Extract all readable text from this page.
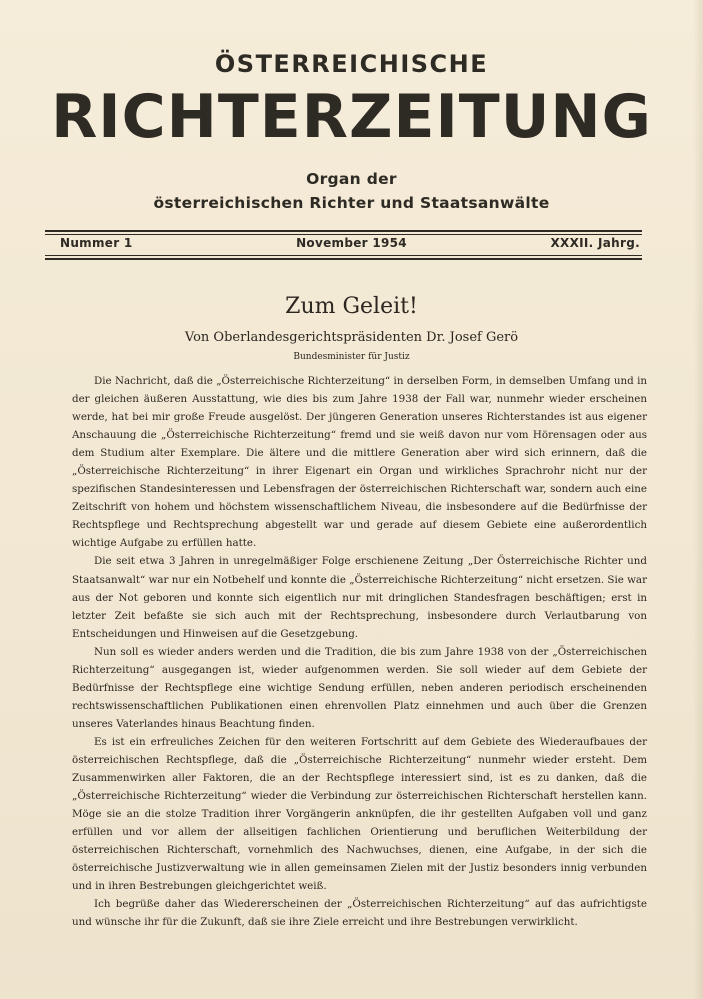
ÖSTERREICHISCHE
RICHTERZEITUNG
Organ der
österreichischen Richter und Staatsanwälte
Nummer 1	November 1954	XXXII. Jahrg.
Zum Geleit!
Von Oberlandesgerichtspräsidenten Dr. Josef Gerö
Bundesminister für Justiz

Die Nachricht, daß die „Österreichische Richterzeitung“ in derselben Form, in demselben Umfang und in der gleichen äußeren Ausstattung, wie dies bis zum Jahre 1938 der Fall war, nunmehr wieder erscheinen werde, hat bei mir große Freude ausgelöst. Der jüngeren Generation unseres Richterstandes ist aus eigener Anschauung die „Österreichische Richterzeitung“ fremd und sie weiß davon nur vom Hörensagen oder aus dem Studium alter Exemplare. Die ältere und die mittlere Generation aber wird sich erinnern, daß die „Österreichische Richterzeitung“ in ihrer Eigenart ein Organ und wirkliches Sprachrohr nicht nur der spezifischen Standesinteressen und Lebensfragen der österreichischen Richterschaft war, sondern auch eine Zeitschrift von hohem und höchstem wissenschaftlichem Niveau, die insbesondere auf die Bedürfnisse der Rechtspflege und Rechtsprechung abgestellt war und gerade auf diesem Gebiete eine außerordentlich wichtige Aufgabe zu erfüllen hatte.

Die seit etwa 3 Jahren in unregelmäßiger Folge erschienene Zeitung „Der Österreichische Richter und Staatsanwalt“ war nur ein Notbehelf und konnte die „Österreichische Richterzeitung“ nicht ersetzen. Sie war aus der Not geboren und konnte sich eigentlich nur mit dringlichen Standesfragen beschäftigen; erst in letzter Zeit befaßte sie sich auch mit der Rechtsprechung, insbesondere durch Verlautbarung von Entscheidungen und Hinweisen auf die Gesetzgebung.

Nun soll es wieder anders werden und die Tradition, die bis zum Jahre 1938 von der „Österreichischen Richterzeitung“ ausgegangen ist, wieder aufgenommen werden. Sie soll wieder auf dem Gebiete der Bedürfnisse der Rechtspflege eine wichtige Sendung erfüllen, neben anderen periodisch erscheinenden rechtswissenschaftlichen Publikationen einen ehrenvollen Platz einnehmen und auch über die Grenzen unseres Vaterlandes hinaus Beachtung finden.

Es ist ein erfreuliches Zeichen für den weiteren Fortschritt auf dem Gebiete des Wiederaufbaues der österreichischen Rechtspflege, daß die „Österreichische Richterzeitung“ nunmehr wieder ersteht. Dem Zusammenwirken aller Faktoren, die an der Rechtspflege interessiert sind, ist es zu danken, daß die „Österreichische Richterzeitung“ wieder die Verbindung zur österreichischen Richterschaft herstellen kann. Möge sie an die stolze Tradition ihrer Vorgängerin anknüpfen, die ihr gestellten Aufgaben voll und ganz erfüllen und vor allem der allseitigen fachlichen Orientierung und beruflichen Weiterbildung der österreichischen Richterschaft, vornehmlich des Nachwuchses, dienen, eine Aufgabe, in der sich die österreichische Justizverwaltung wie in allen gemeinsamen Zielen mit der Justiz besonders innig verbunden und in ihren Bestrebungen gleichgerichtet weiß.

Ich begrüße daher das Wiedererscheinen der „Österreichischen Richterzeitung“ auf das aufrichtigste und wünsche ihr für die Zukunft, daß sie ihre Ziele erreicht und ihre Bestrebungen verwirklicht.
